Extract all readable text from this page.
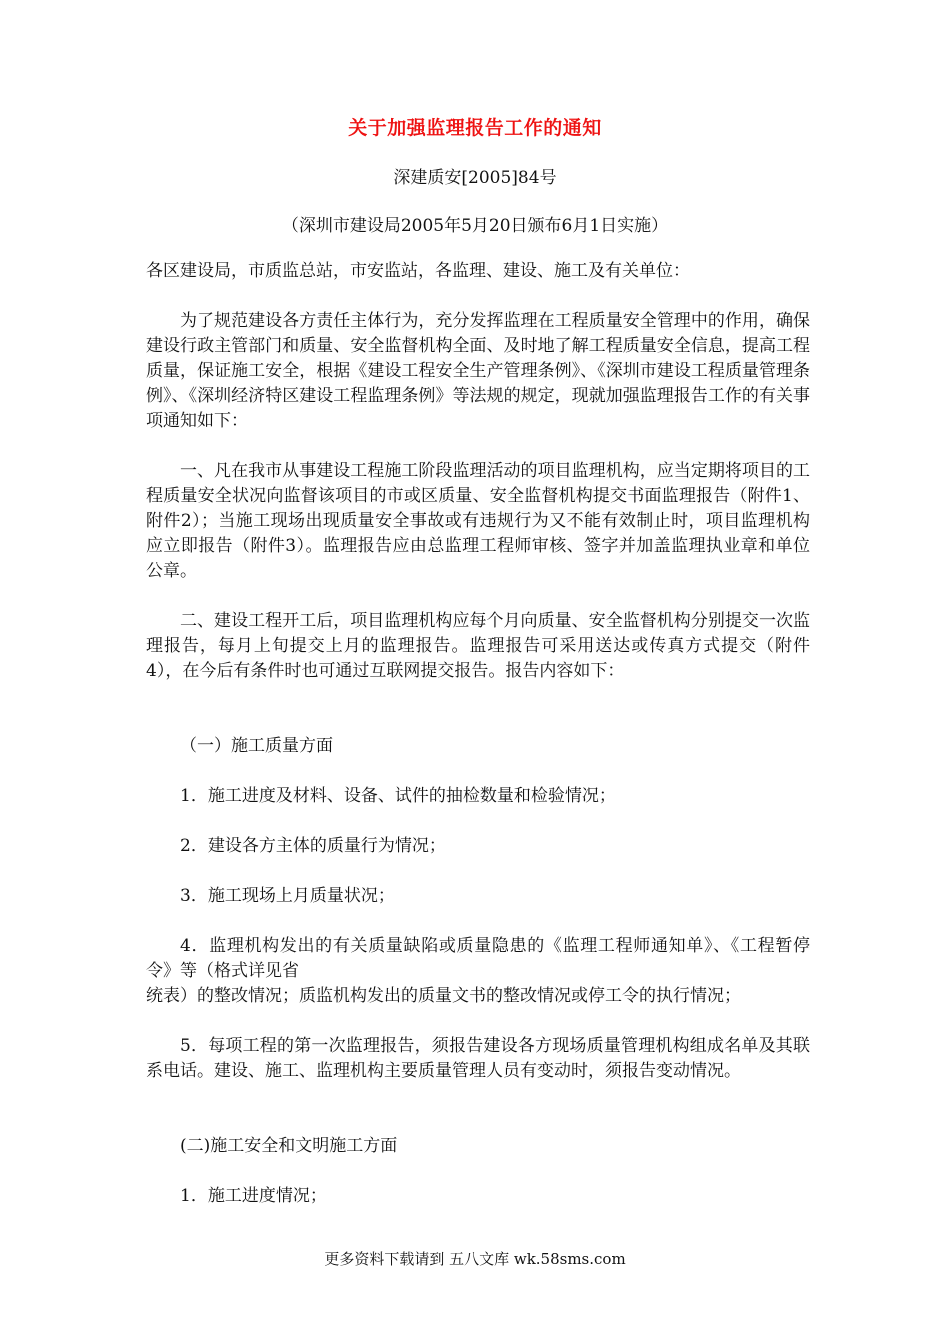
关于加强监理报告工作的通知
深建质安[2005]84号
（深圳市建设局2005年5月20日颁布6月1日实施）
各区建设局，市质监总站，市安监站，各监理、建设、施工及有关单位：
为了规范建设各方责任主体行为，充分发挥监理在工程质量安全管理中的作用，确保建设行政主管部门和质量、安全监督机构全面、及时地了解工程质量安全信息，提高工程质量，保证施工安全，根据《建设工程安全生产管理条例》、《深圳市建设工程质量管理条例》、《深圳经济特区建设工程监理条例》等法规的规定，现就加强监理报告工作的有关事项通知如下：
一、凡在我市从事建设工程施工阶段监理活动的项目监理机构，应当定期将项目的工程质量安全状况向监督该项目的市或区质量、安全监督机构提交书面监理报告（附件1、附件2）；当施工现场出现质量安全事故或有违规行为又不能有效制止时，项目监理机构应立即报告（附件3）。监理报告应由总监理工程师审核、签字并加盖监理执业章和单位公章。
二、建设工程开工后，项目监理机构应每个月向质量、安全监督机构分别提交一次监理报告，每月上旬提交上月的监理报告。监理报告可采用送达或传真方式提交（附件4），在今后有条件时也可通过互联网提交报告。报告内容如下：
（一）施工质量方面
1．施工进度及材料、设备、试件的抽检数量和检验情况；
2．建设各方主体的质量行为情况；
3．施工现场上月质量状况；
4．监理机构发出的有关质量缺陷或质量隐患的《监理工程师通知单》、《工程暂停令》等（格式详见省
统表）的整改情况；质监机构发出的质量文书的整改情况或停工令的执行情况；
5．每项工程的第一次监理报告，须报告建设各方现场质量管理机构组成名单及其联系电话。建设、施工、监理机构主要质量管理人员有变动时，须报告变动情况。
(二)施工安全和文明施工方面
1．施工进度情况；
更多资料下载请到 五八文库 wk.58sms.com
